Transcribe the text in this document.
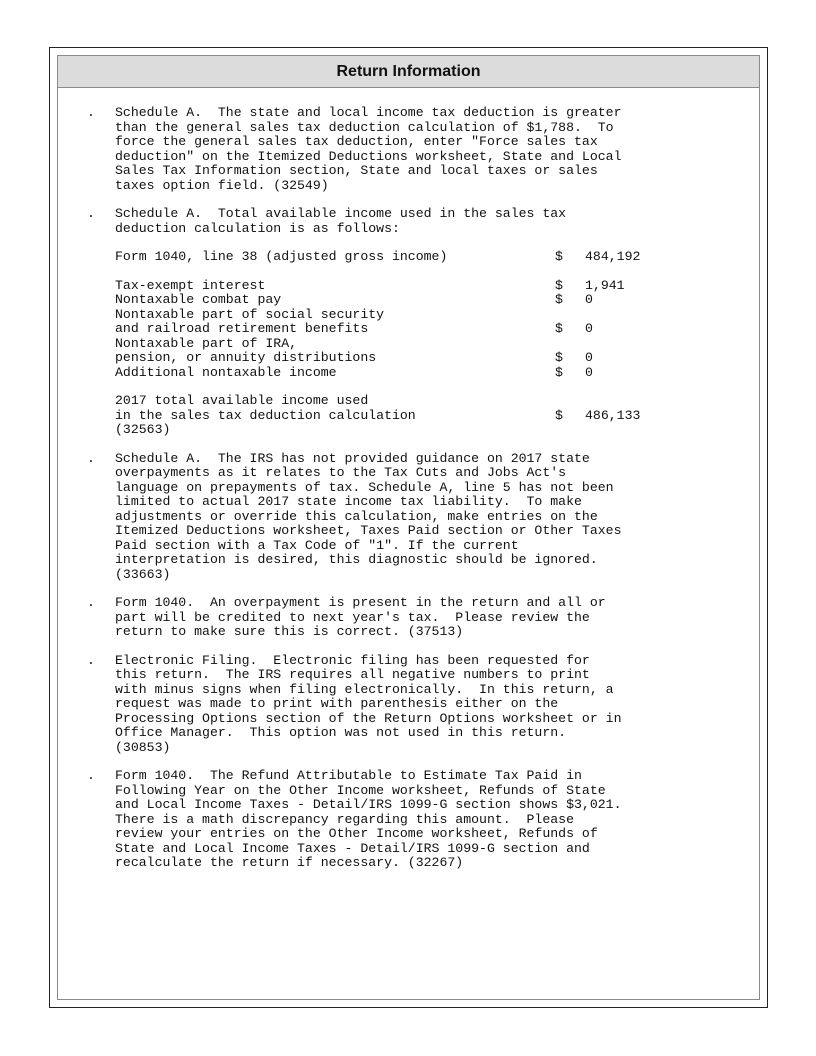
Return Information
. Schedule A.  The state and local income tax deduction is greater
than the general sales tax deduction calculation of $1,788.  To
force the general sales tax deduction, enter "Force sales tax
deduction" on the Itemized Deductions worksheet, State and Local
Sales Tax Information section, State and local taxes or sales
taxes option field. (32549)
. Schedule A.  Total available income used in the sales tax
deduction calculation is as follows:
Form 1040, line 38 (adjusted gross income)	$	484,192
Tax-exempt interest	$	1,941
Nontaxable combat pay	$	0
Nontaxable part of social security
and railroad retirement benefits	$	0
Nontaxable part of IRA,
pension, or annuity distributions	$	0
Additional nontaxable income	$	0
2017 total available income used
in the sales tax deduction calculation	$	486,133
(32563)
. Schedule A.  The IRS has not provided guidance on 2017 state
overpayments as it relates to the Tax Cuts and Jobs Act's
language on prepayments of tax. Schedule A, line 5 has not been
limited to actual 2017 state income tax liability.  To make
adjustments or override this calculation, make entries on the
Itemized Deductions worksheet, Taxes Paid section or Other Taxes
Paid section with a Tax Code of "1". If the current
interpretation is desired, this diagnostic should be ignored.
(33663)
. Form 1040.  An overpayment is present in the return and all or
part will be credited to next year's tax.  Please review the
return to make sure this is correct. (37513)
. Electronic Filing.  Electronic filing has been requested for
this return.  The IRS requires all negative numbers to print
with minus signs when filing electronically.  In this return, a
request was made to print with parenthesis either on the
Processing Options section of the Return Options worksheet or in
Office Manager.  This option was not used in this return.
(30853)
. Form 1040.  The Refund Attributable to Estimate Tax Paid in
Following Year on the Other Income worksheet, Refunds of State
and Local Income Taxes - Detail/IRS 1099-G section shows $3,021.
There is a math discrepancy regarding this amount.  Please
review your entries on the Other Income worksheet, Refunds of
State and Local Income Taxes - Detail/IRS 1099-G section and
recalculate the return if necessary. (32267)
